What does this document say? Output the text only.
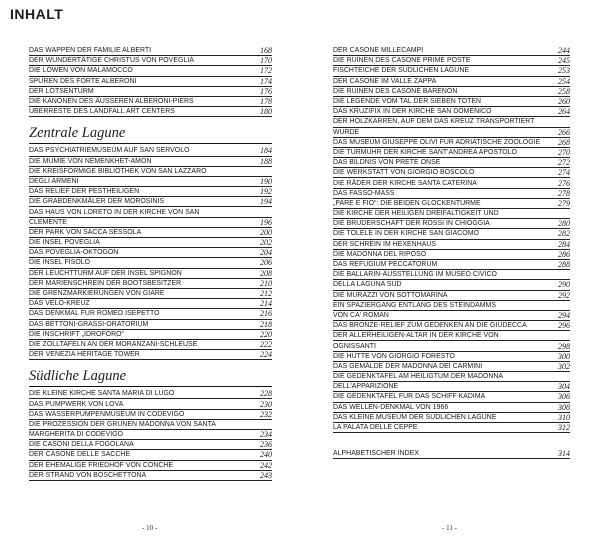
INHALT
DAS WAPPEN DER FAMILIE ALBERTI	168
DER WUNDERTÄTIGE CHRISTUS VON POVEGLIA	170
DIE LÖWEN VON MALAMOCCO	172
SPUREN DES FORTE ALBERONI	174
DER LOTSENTURM	176
DIE KANONEN DES ÄUSSEREN ALBERONI-PIERS	178
ÜBERRESTE DES LANDFALL ART CENTERS	180
Zentrale Lagune
DAS PSYCHIATRIEMUSEUM AUF SAN SERVOLO	184
DIE MUMIE VON NEMENKHET-AMON	188
DIE KREISFÖRMIGE BIBLIOTHEK VON SAN LAZZARO
DEGLI ARMENI	190
DAS RELIEF DER PESTHEILIGEN	192
DIE GRABDENKMÄLER DER MOROSINIS	194
DAS HAUS VON LORETO IN DER KIRCHE VON SAN
CLEMENTE	196
DER PARK VON SACCA SESSOLA	200
DIE INSEL POVEGLIA	202
DAS POVEGLIA-OKTOGON	204
DIE INSEL FISOLO	206
DER LEUCHTTURM AUF DER INSEL SPIGNON	208
DER MARIENSCHREIN DER BOOTSBESITZER	210
DIE GRENZMARKIERUNGEN VON GIARE	212
DAS VELO-KREUZ	214
DAS DENKMAL FÜR ROMEO ISEPETTO	216
DAS BETTONI-GRASSI-ORATORIUM	218
DIE INSCHRIFT „IDROFORO“	220
DIE ZOLLTAFELN AN DER MORANZANI-SCHLEUSE	222
DER VENEZIA HERITAGE TOWER	224
Südliche Lagune
DIE KLEINE KIRCHE SANTA MARIA DI LUGO	228
DAS PUMPWERK VON LOVA	230
DAS WASSERPUMPENMUSEUM IN CODEVIGO	232
DIE PROZESSION DER GRÜNEN MADONNA VON SANTA
MARGHERITA DI CODEVIGO	234
DIE CASONI DELLA FOGOLANA	236
DER CASONE DELLE SACCHE	240
DER EHEMALIGE FRIEDHOF VON CONCHE	242
DER STRAND VON BOSCHETTONA	243
DER CASONE MILLECAMPI	244
DIE RUINEN DES CASONE PRIME POSTE	245
FISCHTEICHE DER SÜDLICHEN LAGUNE	253
DER CASONE IM VALLE ZAPPA	254
DIE RUINEN DES CASONE BARENON	258
DIE LEGENDE VOM TAL DER SIEBEN TOTEN	260
DAS KRUZIFIX IN DER KIRCHE SAN DOMENICO	264
DER HOLZKARREN, AUF DEM DAS KREUZ TRANSPORTIERT
WURDE	266
DAS MUSEUM GIUSEPPE OLIVI FÜR ADRIATISCHE ZOOLOGIE	268
DIE TURMUHR DER KIRCHE SANT'ANDREA APOSTOLO	270
DAS BILDNIS VON PRETE ONSE	272
DIE WERKSTATT VON GIORGIO BOSCOLO	274
DIE RÄDER DER KIRCHE SANTA CATERINA	276
DAS FASSO-MASS	278
„PARE E FIO“: DIE BEIDEN GLOCKENTÜRME	279
DIE KIRCHE DER HEILIGEN DREIFALTIGKEIT UND
DIE BRUDERSCHAFT DER ROSSI IN CHIOGGIA	280
DIE TOLELE IN DER KIRCHE SAN GIACOMO	282
DER SCHREIN IM HEXENHAUS	284
DIE MADONNA DEL RIPOSO	286
DAS REFUGIUM PECCATORUM	288
DIE BALLARIN-AUSSTELLUNG IM MUSEO CIVICO
DELLA LAGUNA SUD	290
DIE MURAZZI VON SOTTOMARINA	292
EIN SPAZIERGANG ENTLANG DES STEINDAMMS
VON CA' ROMAN	294
DAS BRONZE-RELIEF ZUM GEDENKEN AN DIE GIUDECCA	296
DER ALLERHEILIGEN-ALTAR IN DER KIRCHE VON
OGNISSANTI	298
DIE HÜTTE VON GIORGIO FORESTO	300
DAS GEMÄLDE DER MADONNA DEI CARMINI	302
DIE GEDENKTAFEL AM HEILIGTUM DER MADONNA
DELL'APPARIZIONE	304
DIE GEDENKTAFEL FÜR DAS SCHIFF KADIMA	306
DAS WELLEN-DENKMAL VON 1966	308
DAS KLEINE MUSEUM DER SÜDLICHEN LAGUNE	310
LA PALATA DELLE CEPPE	312
ALPHABETISCHER INDEX	314
- 10 -	- 11 -
